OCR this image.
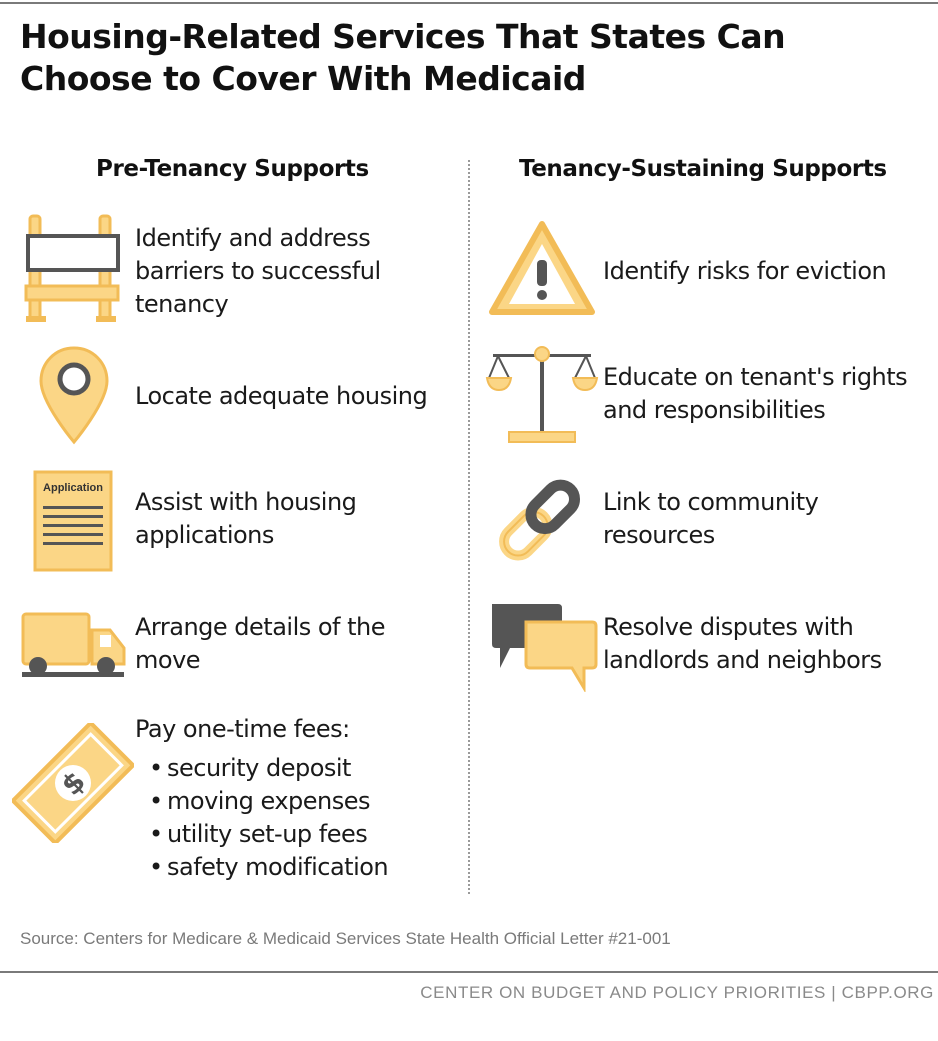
Housing-Related Services That States Can
Choose to Cover With Medicaid
Pre-Tenancy Supports	Tenancy-Sustaining Supports
Identify and address
barriers to successful
tenancy
Locate adequate housing
Application Assist with housing
applications
Arrange details of the
move
$
Pay one-time fees:
• security deposit
• moving expenses
• utility set-up fees
• safety modification
Identify risks for eviction
Educate on tenant's rights
and responsibilities
Link to community
resources
Resolve disputes with
landlords and neighbors
Source: Centers for Medicare & Medicaid Services State Health Official Letter #21-001
CENTER ON BUDGET AND POLICY PRIORITIES | CBPP.ORG
